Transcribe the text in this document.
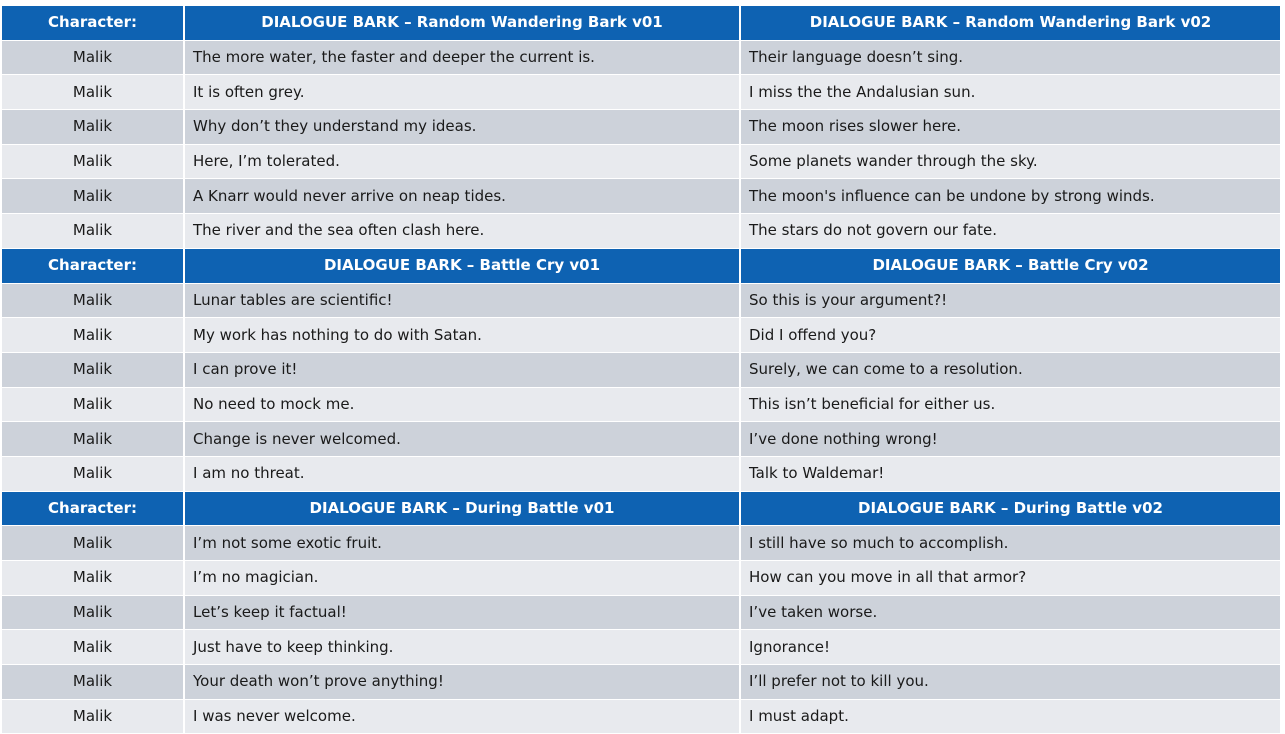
Character:	DIALOGUE BARK – Random Wandering Bark v01	DIALOGUE BARK – Random Wandering Bark v02
Malik	The more water, the faster and deeper the current is.	Their language doesn’t sing.
Malik	It is often grey.	I miss the the Andalusian sun.
Malik	Why don’t they understand my ideas.	The moon rises slower here.
Malik	Here, I’m tolerated.	Some planets wander through the sky.
Malik	A Knarr would never arrive on neap tides.	The moon's influence can be undone by strong winds.
Malik	The river and the sea often clash here.	The stars do not govern our fate.
Character:	DIALOGUE BARK – Battle Cry v01	DIALOGUE BARK – Battle Cry v02
Malik	Lunar tables are scientific!	So this is your argument?!
Malik	My work has nothing to do with Satan.	Did I offend you?
Malik	I can prove it!	Surely, we can come to a resolution.
Malik	No need to mock me.	This isn’t beneficial for either us.
Malik	Change is never welcomed.	I’ve done nothing wrong!
Malik	I am no threat.	Talk to Waldemar!
Character:	DIALOGUE BARK – During Battle v01	DIALOGUE BARK – During Battle v02
Malik	I’m not some exotic fruit.	I still have so much to accomplish.
Malik	I’m no magician.	How can you move in all that armor?
Malik	Let’s keep it factual!	I’ve taken worse.
Malik	Just have to keep thinking.	Ignorance!
Malik	Your death won’t prove anything!	I’ll prefer not to kill you.
Malik	I was never welcome.	I must adapt.
